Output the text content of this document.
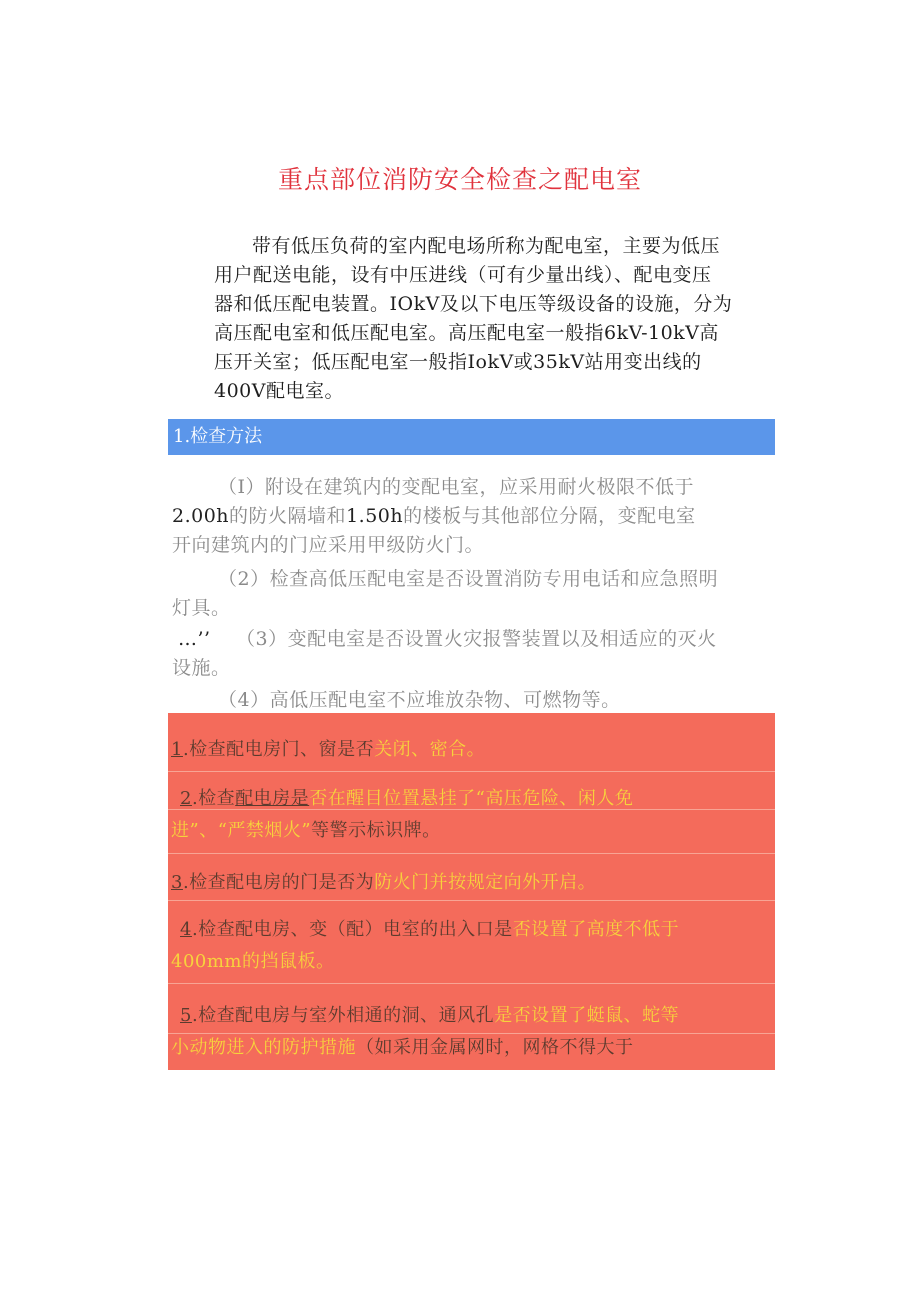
重点部位消防安全检查之配电室
带有低压负荷的室内配电场所称为配电室，主要为低压
用户配送电能，设有中压进线（可有少量出线）、配电变压
器和低压配电装置。IOkV及以下电压等级设备的设施，分为
高压配电室和低压配电室。高压配电室一般指6kV-10kV高
压开关室；低压配电室一般指IokV或35kV站用变出线的
400V配电室。
1.检查方法
（I）附设在建筑内的变配电室，应采用耐火极限不低于
2.00h的防火隔墙和1.50h的楼板与其他部位分隔，变配电室
开向建筑内的门应采用甲级防火门。
（2）检查高低压配电室是否设置消防专用电话和应急照明
灯具。
…’’ （3）变配电室是否设置火灾报警装置以及相适应的灭火
设施。
（4）高低压配电室不应堆放杂物、可燃物等。
1.检查配电房门、窗是否关闭、密合。
2.检查配电房是否在醒目位置悬挂了“高压危险、闲人免
进”、“严禁烟火”等警示标识牌。
3.检查配电房的门是否为防火门并按规定向外开启。
4.检查配电房、变（配）电室的出入口是否设置了高度不低于
400mm的挡鼠板。
5.检查配电房与室外相通的洞、通风孔是否设置了蜓鼠、蛇等
小动物进入的防护措施（如采用金属网时，网格不得大于
